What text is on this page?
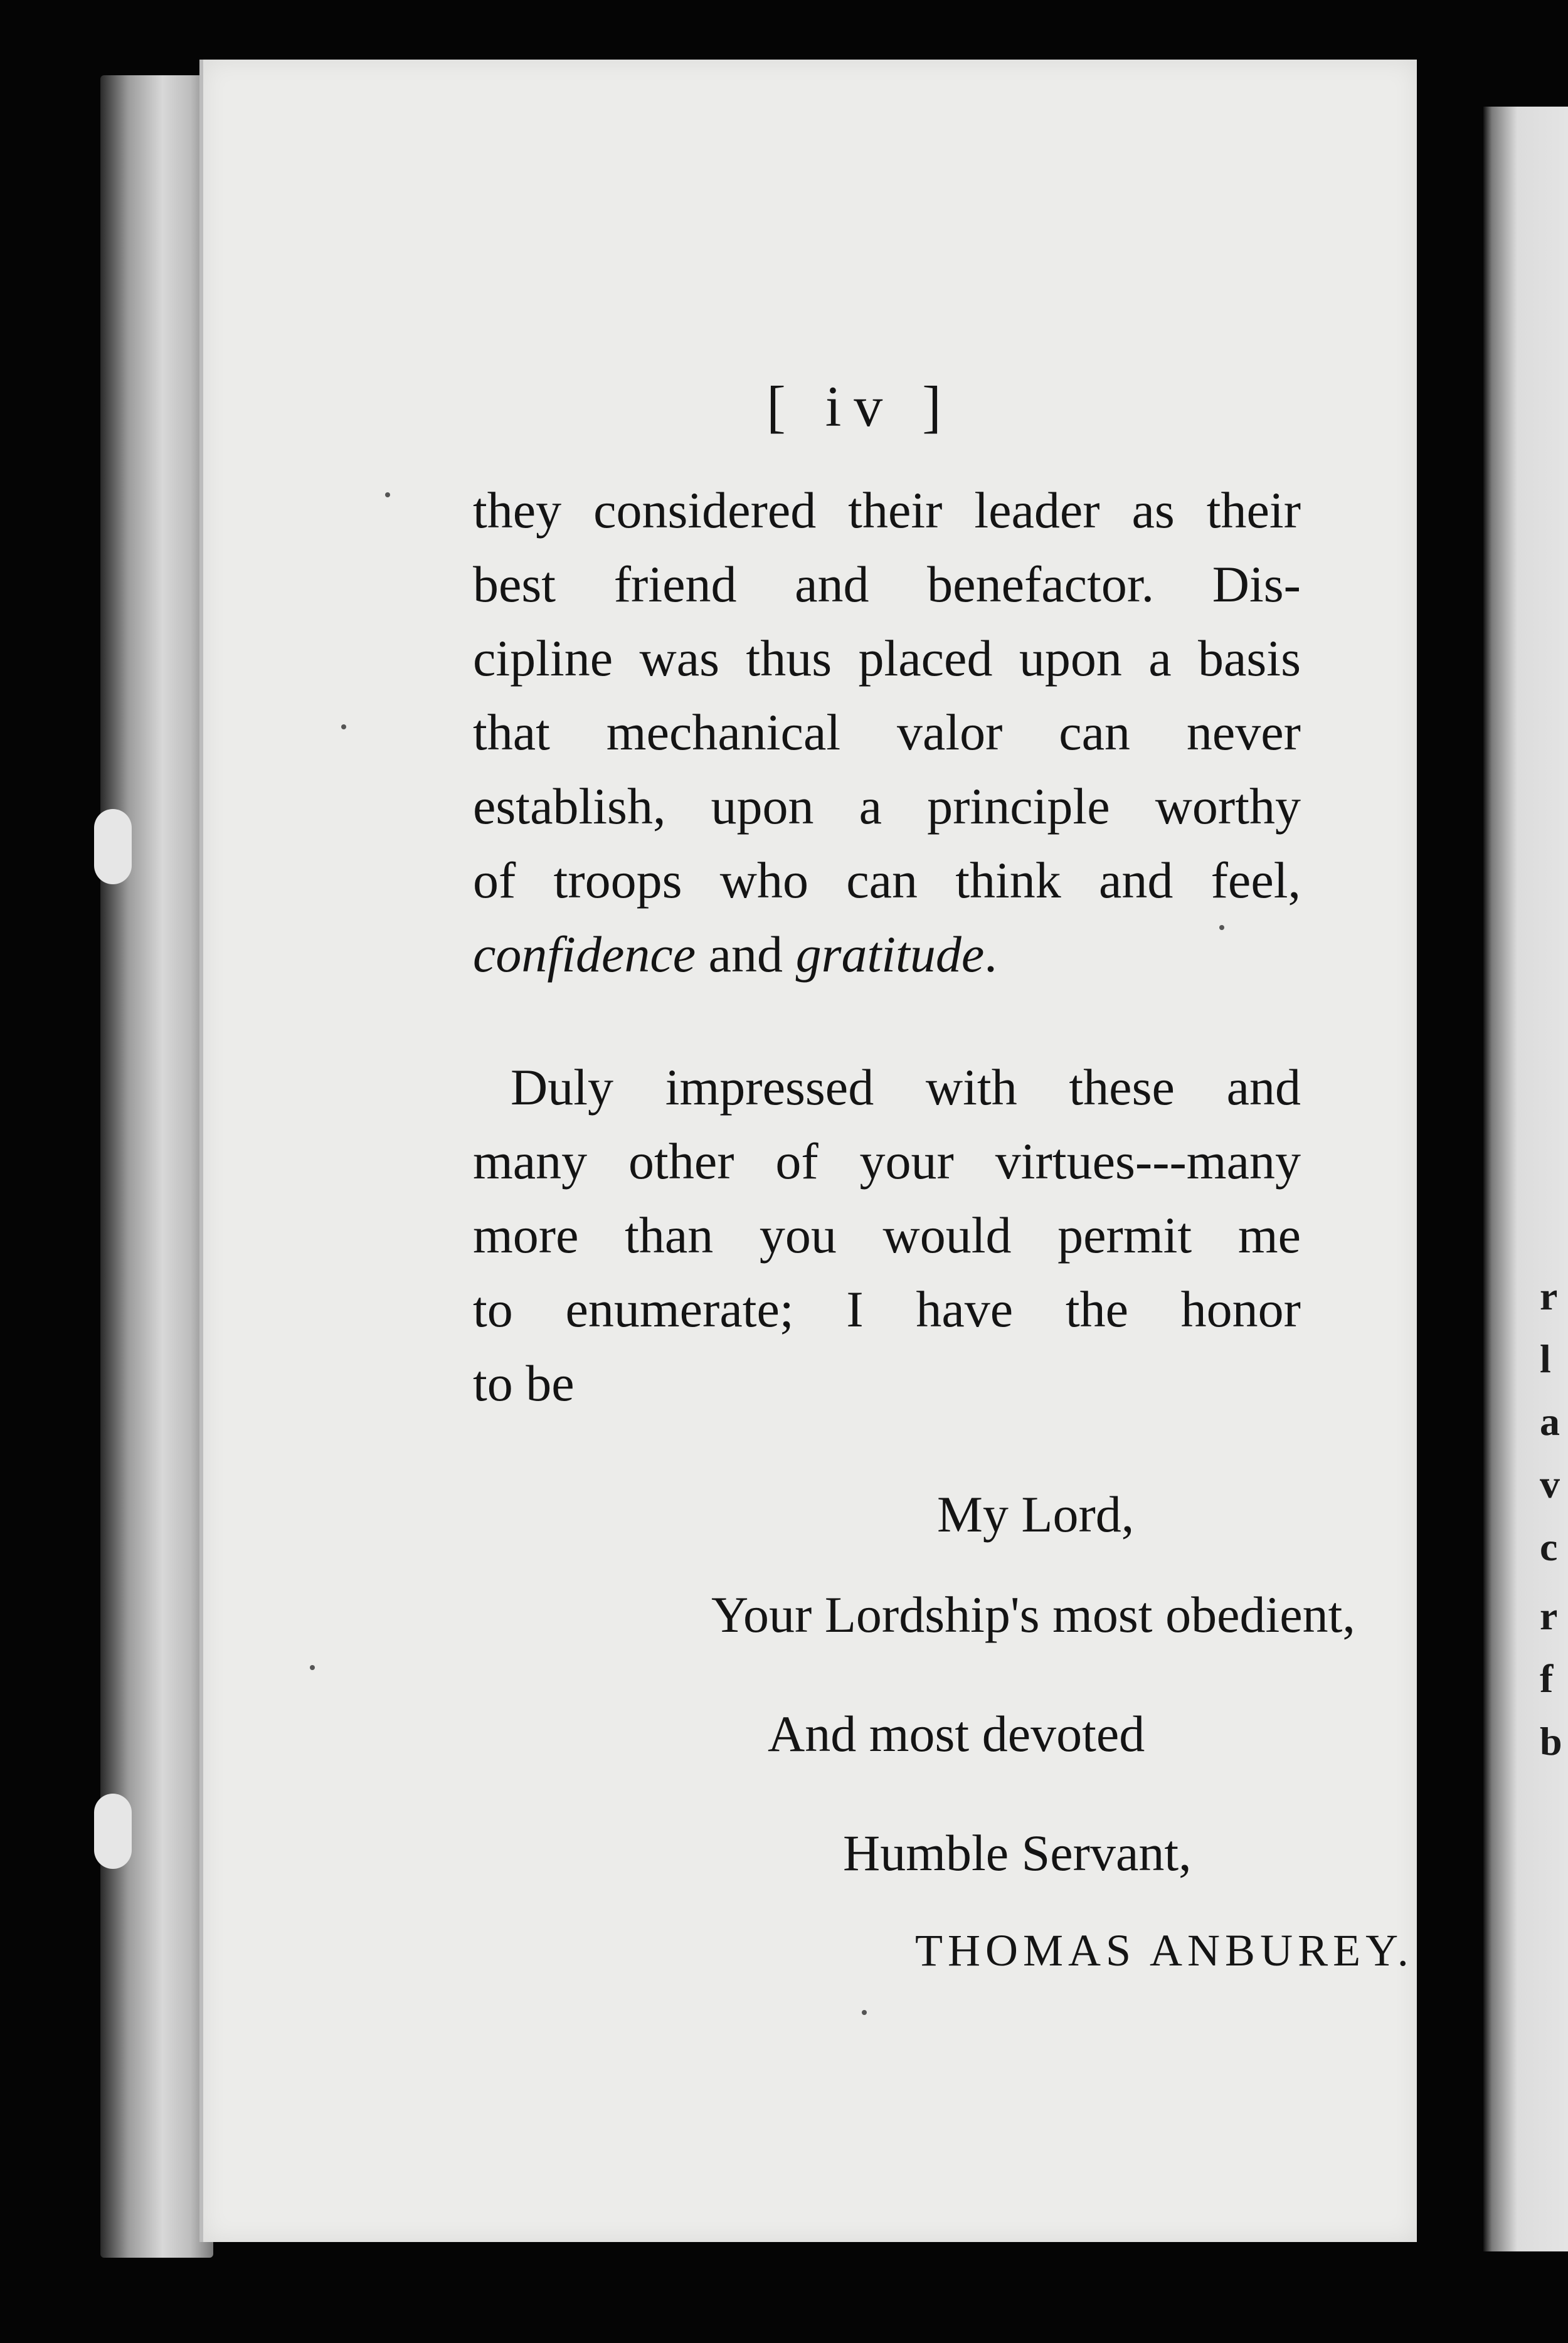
r
l
a
v
c
r
f
b
[ iv ]
they considered their leader as their
best friend and benefactor. Dis-
cipline was thus placed upon a basis
that mechanical valor can never
establish, upon a principle worthy
of troops who can think and feel,
confidence and gratitude.
Duly impressed with these and
many other of your virtues---many
more than you would permit me
to enumerate; I have the honor
to be
My Lord,
Your Lordship's most obedient,
And most devoted
Humble Servant,
THOMAS ANBUREY.
